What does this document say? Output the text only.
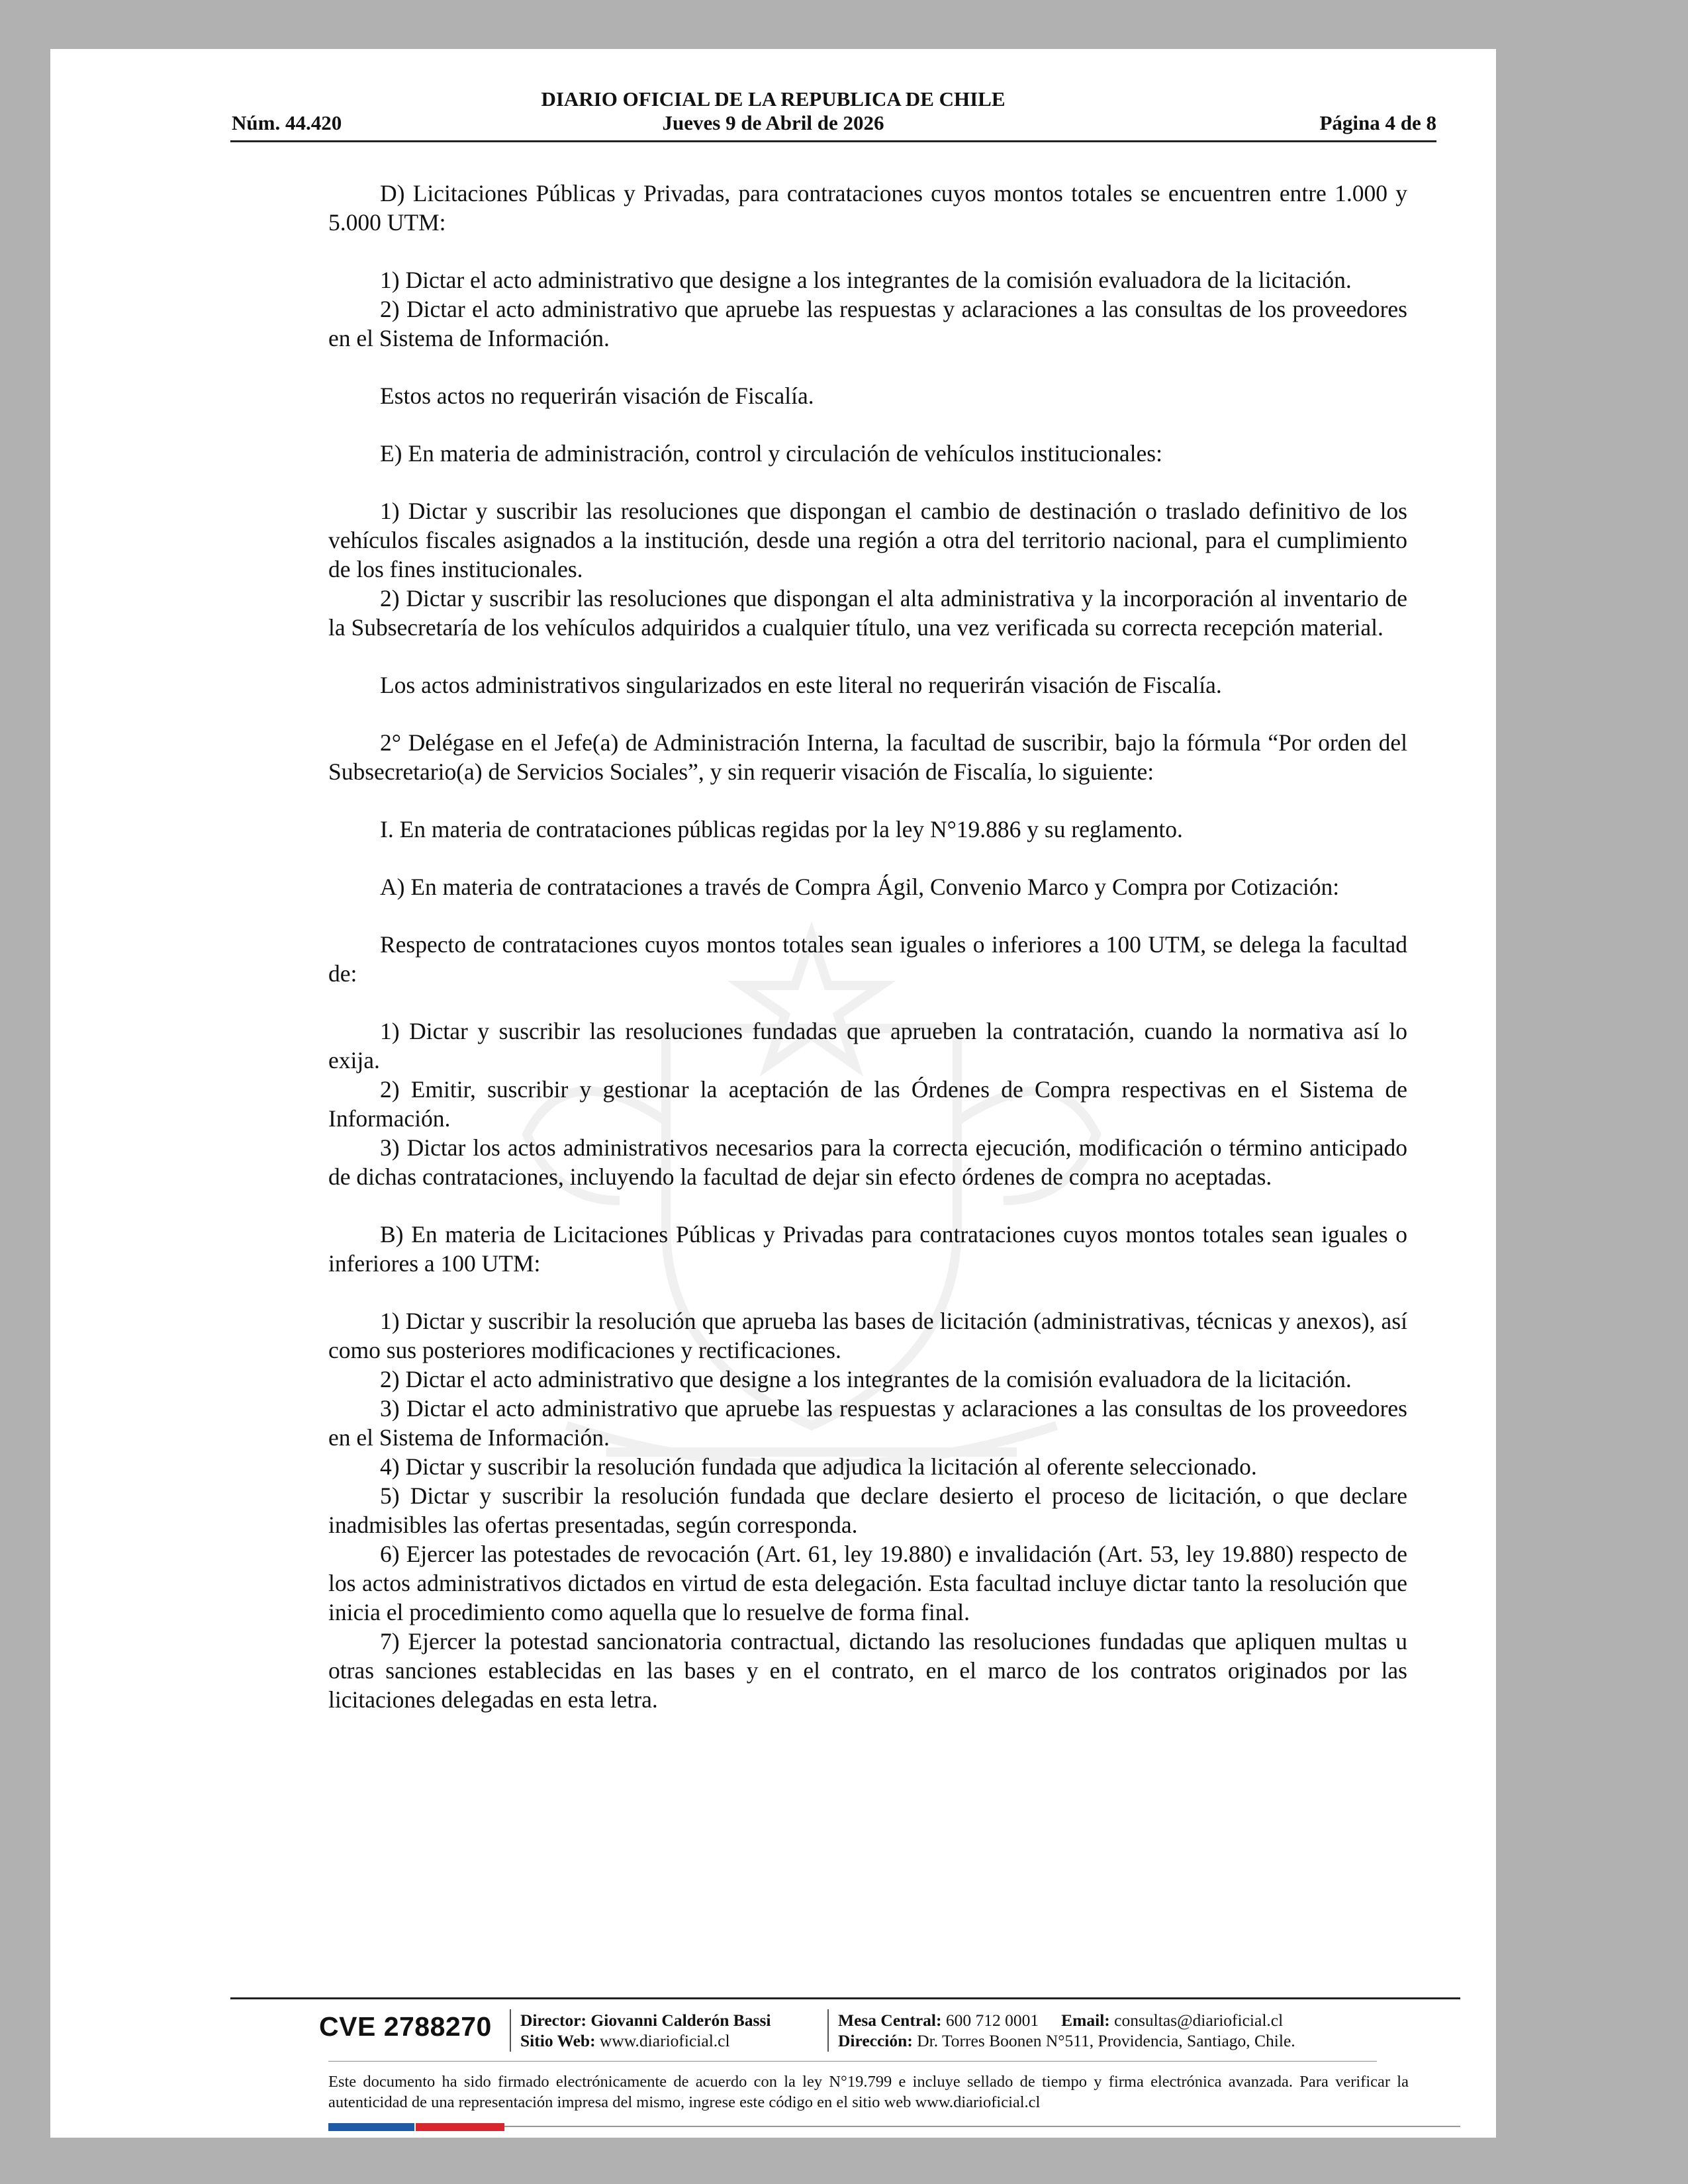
DIARIO OFICIAL DE LA REPUBLICA DE CHILE
Jueves 9 de Abril de 2026
Núm. 44.420	Página 4 de 8

D) Licitaciones Públicas y Privadas, para contrataciones cuyos montos totales se encuentren entre 1.000 y 5.000 UTM:

1) Dictar el acto administrativo que designe a los integrantes de la comisión evaluadora de la licitación.

2) Dictar el acto administrativo que apruebe las respuestas y aclaraciones a las consultas de los proveedores en el Sistema de Información.

Estos actos no requerirán visación de Fiscalía.

E) En materia de administración, control y circulación de vehículos institucionales:

1) Dictar y suscribir las resoluciones que dispongan el cambio de destinación o traslado definitivo de los vehículos fiscales asignados a la institución, desde una región a otra del territorio nacional, para el cumplimiento de los fines institucionales.

2) Dictar y suscribir las resoluciones que dispongan el alta administrativa y la incorporación al inventario de la Subsecretaría de los vehículos adquiridos a cualquier título, una vez verificada su correcta recepción material.

Los actos administrativos singularizados en este literal no requerirán visación de Fiscalía.

2° Delégase en el Jefe(a) de Administración Interna, la facultad de suscribir, bajo la fórmula “Por orden del Subsecretario(a) de Servicios Sociales”, y sin requerir visación de Fiscalía, lo siguiente:

I. En materia de contrataciones públicas regidas por la ley N°19.886 y su reglamento.

A) En materia de contrataciones a través de Compra Ágil, Convenio Marco y Compra por Cotización:

Respecto de contrataciones cuyos montos totales sean iguales o inferiores a 100 UTM, se delega la facultad de:

1) Dictar y suscribir las resoluciones fundadas que aprueben la contratación, cuando la normativa así lo exija.

2) Emitir, suscribir y gestionar la aceptación de las Órdenes de Compra respectivas en el Sistema de Información.

3) Dictar los actos administrativos necesarios para la correcta ejecución, modificación o término anticipado de dichas contrataciones, incluyendo la facultad de dejar sin efecto órdenes de compra no aceptadas.

B) En materia de Licitaciones Públicas y Privadas para contrataciones cuyos montos totales sean iguales o inferiores a 100 UTM:

1) Dictar y suscribir la resolución que aprueba las bases de licitación (administrativas, técnicas y anexos), así como sus posteriores modificaciones y rectificaciones.

2) Dictar el acto administrativo que designe a los integrantes de la comisión evaluadora de la licitación.

3) Dictar el acto administrativo que apruebe las respuestas y aclaraciones a las consultas de los proveedores en el Sistema de Información.

4) Dictar y suscribir la resolución fundada que adjudica la licitación al oferente seleccionado.

5) Dictar y suscribir la resolución fundada que declare desierto el proceso de licitación, o que declare inadmisibles las ofertas presentadas, según corresponda.

6) Ejercer las potestades de revocación (Art. 61, ley 19.880) e invalidación (Art. 53, ley 19.880) respecto de los actos administrativos dictados en virtud de esta delegación. Esta facultad incluye dictar tanto la resolución que inicia el procedimiento como aquella que lo resuelve de forma final.

7) Ejercer la potestad sancionatoria contractual, dictando las resoluciones fundadas que apliquen multas u otras sanciones establecidas en las bases y en el contrato, en el marco de los contratos originados por las licitaciones delegadas en esta letra.

CVE 2788270 Director: Giovanni Calderón Bassi
Sitio Web: www.diarioficial.cl
Mesa Central: 600 712 0001 Email: consultas@diarioficial.cl
Dirección: Dr. Torres Boonen N°511, Providencia, Santiago, Chile.
Este documento ha sido firmado electrónicamente de acuerdo con la ley N°19.799 e incluye sellado de tiempo y firma electrónica avanzada. Para verificar la autenticidad de una representación impresa del mismo, ingrese este código en el sitio web www.diarioficial.cl
